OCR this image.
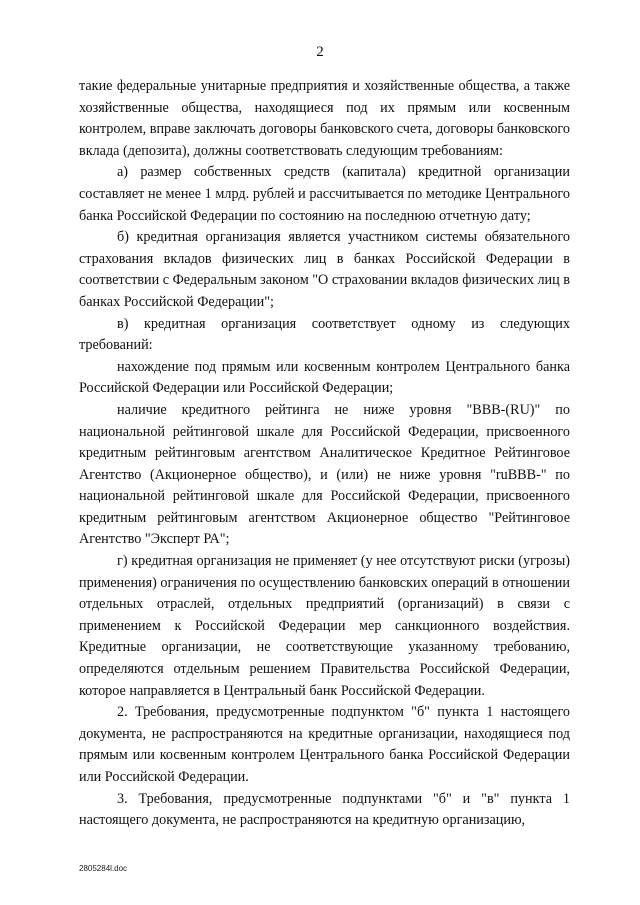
2

такие федеральные унитарные предприятия и хозяйственные общества, а также хозяйственные общества, находящиеся под их прямым или косвенным контролем, вправе заключать договоры банковского счета, договоры банковского вклада (депозита), должны соответствовать следующим требованиям:

а) размер собственных средств (капитала) кредитной организации составляет не менее 1 млрд. рублей и рассчитывается по методике Центрального банка Российской Федерации по состоянию на последнюю отчетную дату;

б) кредитная организация является участником системы обязательного страхования вкладов физических лиц в банках Российской Федерации в соответствии с Федеральным законом "О страховании вкладов физических лиц в банках Российской Федерации";

в) кредитная организация соответствует одному из следующих требований:

нахождение под прямым или косвенным контролем Центрального банка Российской Федерации или Российской Федерации;

наличие кредитного рейтинга не ниже уровня "BBB-(RU)" по национальной рейтинговой шкале для Российской Федерации, присвоенного кредитным рейтинговым агентством Аналитическое Кредитное Рейтинговое Агентство (Акционерное общество), и (или) не ниже уровня "ruBBB-" по национальной рейтинговой шкале для Российской Федерации, присвоенного кредитным рейтинговым агентством Акционерное общество "Рейтинговое Агентство "Эксперт РА";

г) кредитная организация не применяет (у нее отсутствуют риски (угрозы) применения) ограничения по осуществлению банковских операций в отношении отдельных отраслей, отдельных предприятий (организаций) в связи с применением к Российской Федерации мер санкционного воздействия. Кредитные организации, не соответствующие указанному требованию, определяются отдельным решением Правительства Российской Федерации, которое направляется в Центральный банк Российской Федерации.

2. Требования, предусмотренные подпунктом "б" пункта 1 настоящего документа, не распространяются на кредитные организации, находящиеся под прямым или косвенным контролем Центрального банка Российской Федерации или Российской Федерации.

3. Требования, предусмотренные подпунктами "б" и "в" пункта 1 настоящего документа, не распространяются на кредитную организацию,

2805284l.doc
